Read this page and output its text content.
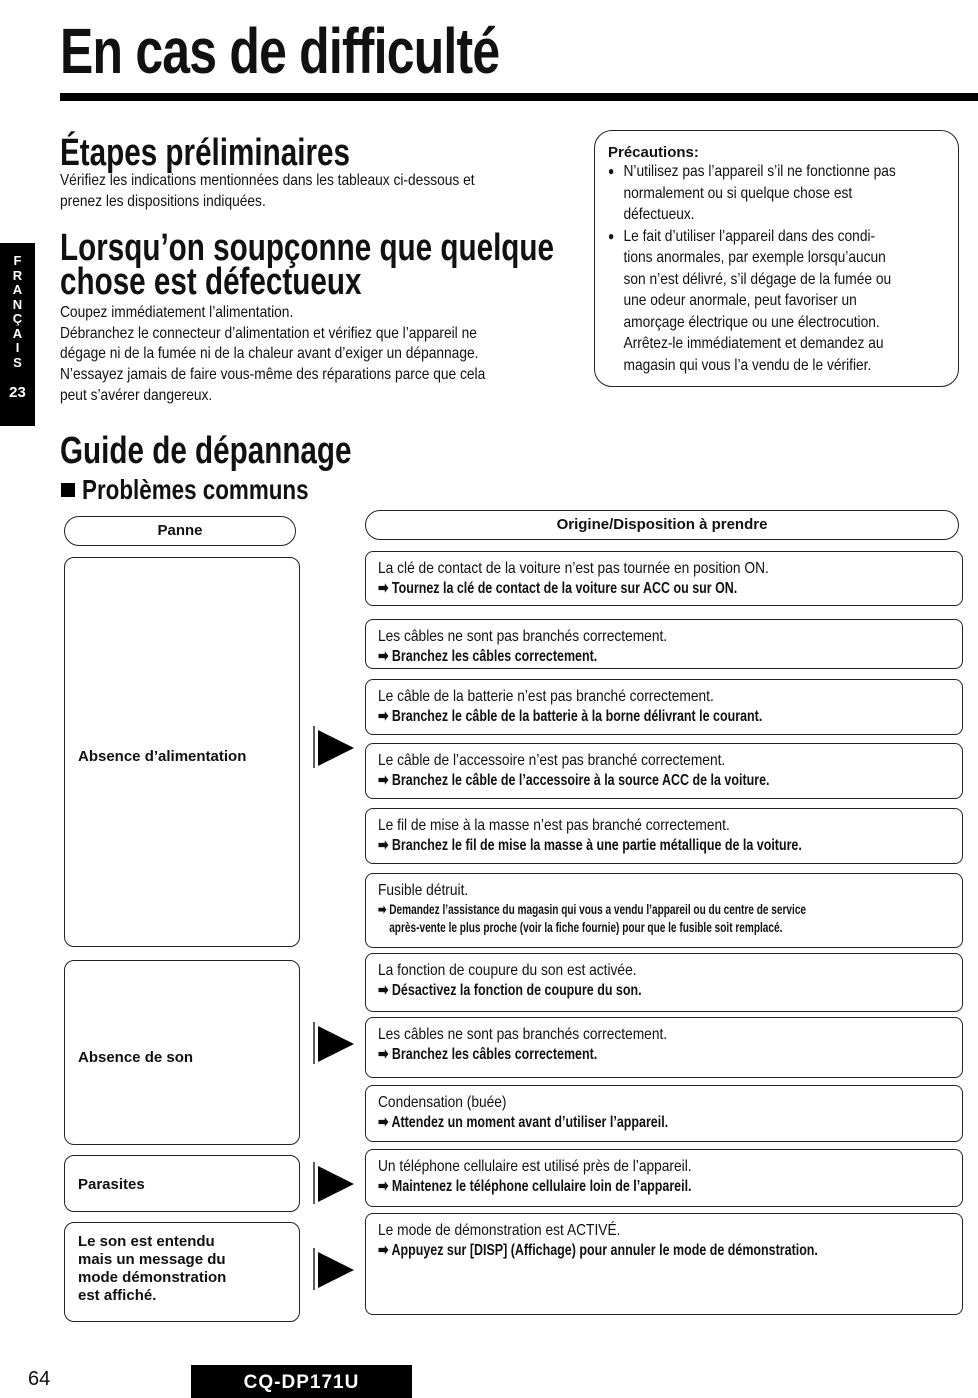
En cas de difficulté
F
R
A
N
Ç
A
I
S
23
Étapes préliminaires
Vérifiez les indications mentionnées dans les tableaux ci-dessous et
prenez les dispositions indiquées.
Lorsqu’on soupçonne que quelque
chose est défectueux
Coupez immédiatement l’alimentation.
Débranchez le connecteur d’alimentation et vérifiez que l’appareil ne
dégage ni de la fumée ni de la chaleur avant d’exiger un dépannage.
N’essayez jamais de faire vous-même des réparations parce que cela
peut s’avérer dangereux.
Précautions:
● N’utilisez pas l’appareil s’il ne fonctionne pas
normalement ou si quelque chose est
défectueux.
● Le fait d’utiliser l’appareil dans des condi-
tions anormales, par exemple lorsqu’aucun
son n’est délivré, s’il dégage de la fumée ou
une odeur anormale, peut favoriser un
amorçage électrique ou une électrocution.
Arrêtez-le immédiatement et demandez au
magasin qui vous l’a vendu de le vérifier.
Guide de dépannage
Problèmes communs
Panne	Origine/Disposition à prendre
Absence d’alimentation
Absence de son
Parasites
Le son est entendu
mais un message du
mode démonstration
est affiché.
La clé de contact de la voiture n’est pas tournée en position ON.
➡ Tournez la clé de contact de la voiture sur ACC ou sur ON.
Les câbles ne sont pas branchés correctement.
➡ Branchez les câbles correctement.
Le câble de la batterie n’est pas branché correctement.
➡ Branchez le câble de la batterie à la borne délivrant le courant.
Le câble de l’accessoire n’est pas branché correctement.
➡ Branchez le câble de l’accessoire à la source ACC de la voiture.
Le fil de mise à la masse n’est pas branché correctement.
➡ Branchez le fil de mise la masse à une partie métallique de la voiture.
Fusible détruit.
➡ Demandez l’assistance du magasin qui vous a vendu l’appareil ou du centre de service
après-vente le plus proche (voir la fiche fournie) pour que le fusible soit remplacé.
La fonction de coupure du son est activée.
➡ Désactivez la fonction de coupure du son.
Les câbles ne sont pas branchés correctement.
➡ Branchez les câbles correctement.
Condensation (buée)
➡ Attendez un moment avant d’utiliser l’appareil.
Un téléphone cellulaire est utilisé près de l’appareil.
➡ Maintenez le téléphone cellulaire loin de l’appareil.
Le mode de démonstration est ACTIVÉ.
➡ Appuyez sur [DISP] (Affichage) pour annuler le mode de démonstration.
64	CQ-DP171U
